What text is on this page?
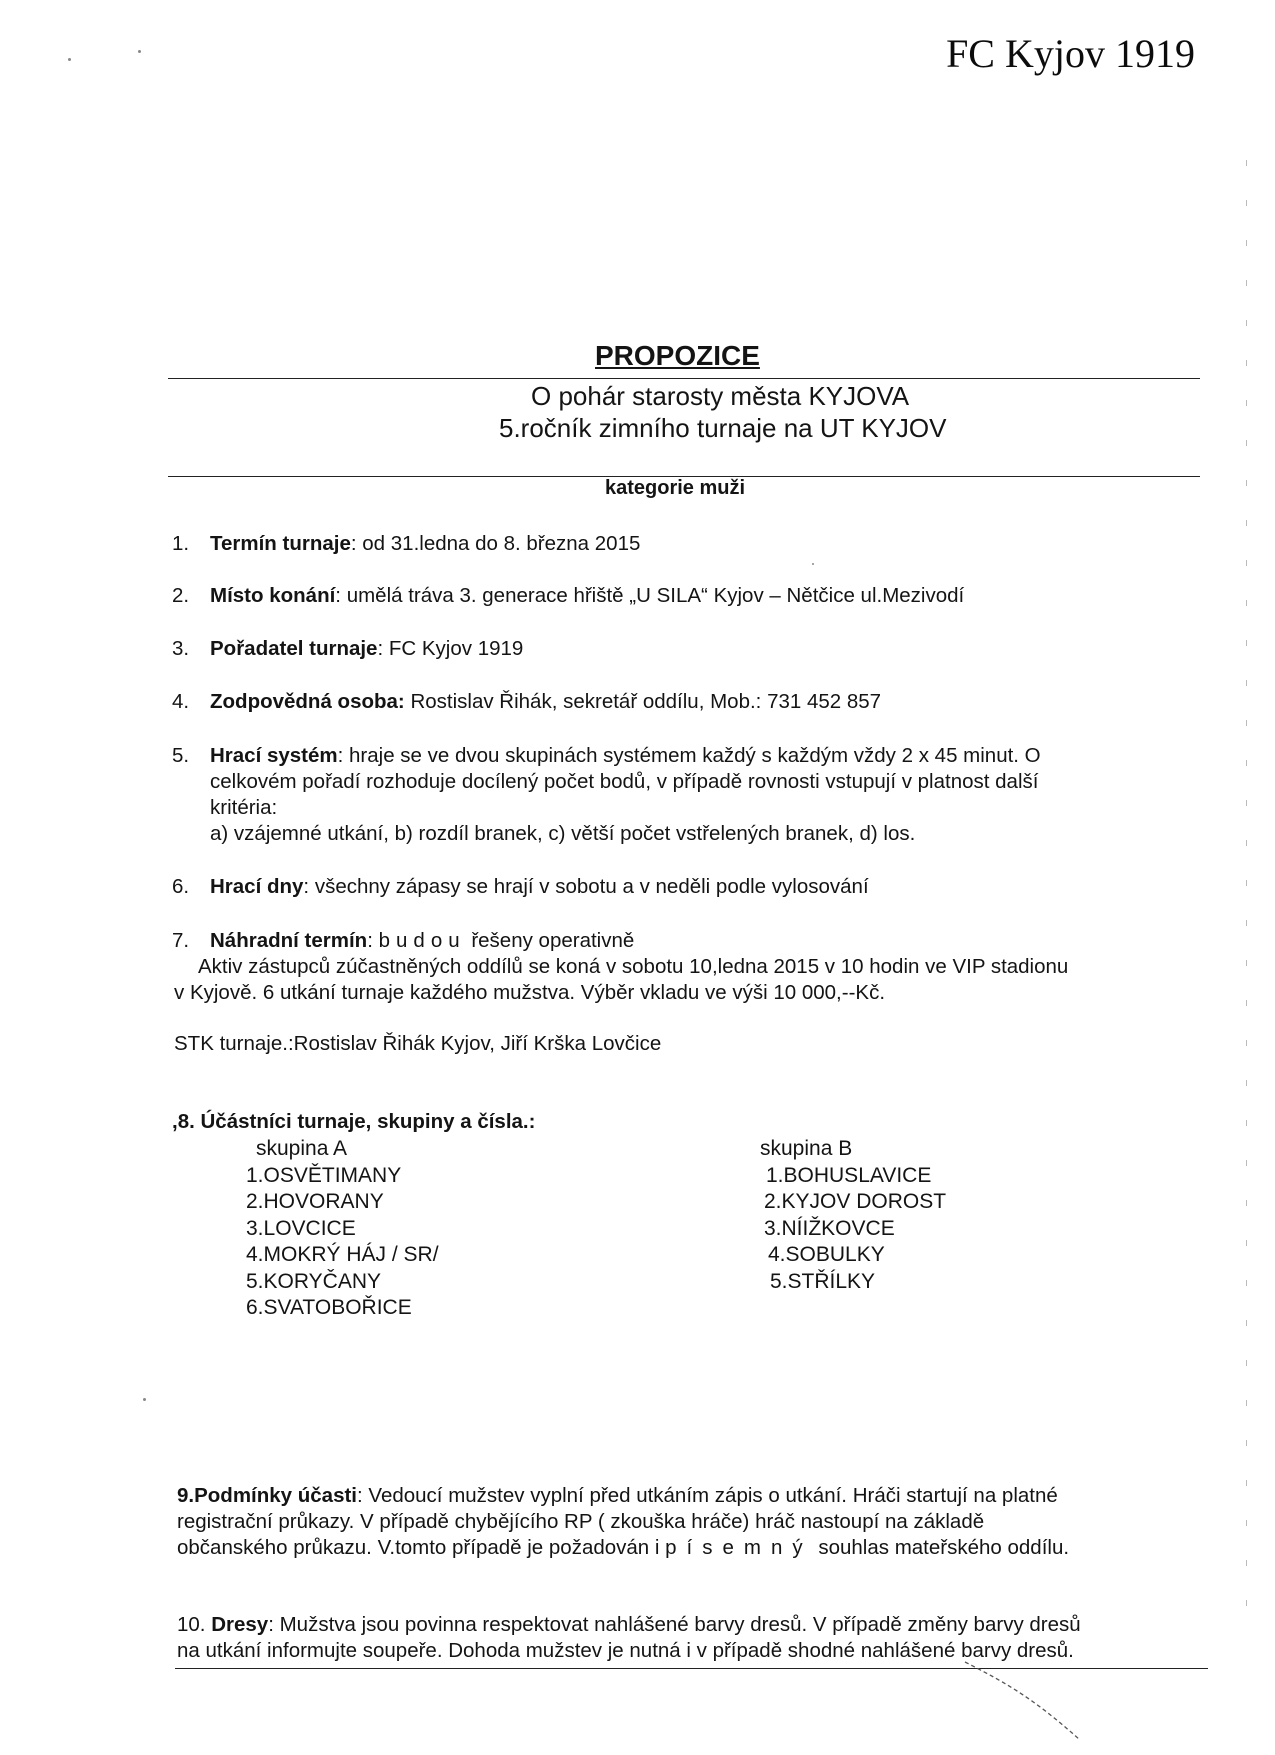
FC Kyjov 1919
PROPOZICE
O pohár starosty města KYJOVA
5.ročník zimního turnaje na UT KYJOV
kategorie muži
1. Termín turnaje: od 31.ledna do 8. března 2015
2. Místo konání: umělá tráva 3. generace hřiště „U SILA“ Kyjov – Nětčice ul.Mezivodí
3. Pořadatel turnaje: FC Kyjov 1919
4. Zodpovědná osoba: Rostislav Řihák, sekretář oddílu, Mob.: 731 452 857
5. Hrací systém: hraje se ve dvou skupinách systémem každý s každým vždy 2 x 45 minut. O
celkovém pořadí rozhoduje docílený počet bodů, v případě rovnosti vstupují v platnost další
kritéria:
a) vzájemné utkání, b) rozdíl branek, c) větší počet vstřelených branek, d) los.
6. Hrací dny: všechny zápasy se hrají v sobotu a v neděli podle vylosování
7. Náhradní termín: budou řešeny operativně
Aktiv zástupců zúčastněných oddílů se koná v sobotu 10,ledna 2015 v 10 hodin ve VIP stadionu
v Kyjově. 6 utkání turnaje každého mužstva. Výběr vkladu ve výši 10 000,--Kč.
STK turnaje.:Rostislav Řihák Kyjov, Jiří Krška Lovčice
,8. Účástníci turnaje, skupiny a čísla.:
skupina A
1.OSVĚTIMANY
2.HOVORANY
3.LOVCICE
4.MOKRÝ HÁJ / SR/
5.KORYČANY
6.SVATOBOŘICE
skupina B
1.BOHUSLAVICE
2.KYJOV DOROST
3.NÍIŽKOVCE
4.SOBULKY
5.STŘÍLKY
9.Podmínky účasti: Vedoucí mužstev vyplní před utkáním zápis o utkání. Hráči startují na platné
registrační průkazy. V případě chybějícího RP ( zkouška hráče) hráč nastoupí na základě
občanského průkazu. V.tomto případě je požadován i písemný souhlas mateřského oddílu.
10. Dresy: Mužstva jsou povinna respektovat nahlášené barvy dresů. V případě změny barvy dresů
na utkání informujte soupeře. Dohoda mužstev je nutná i v případě shodné nahlášené barvy dresů.
